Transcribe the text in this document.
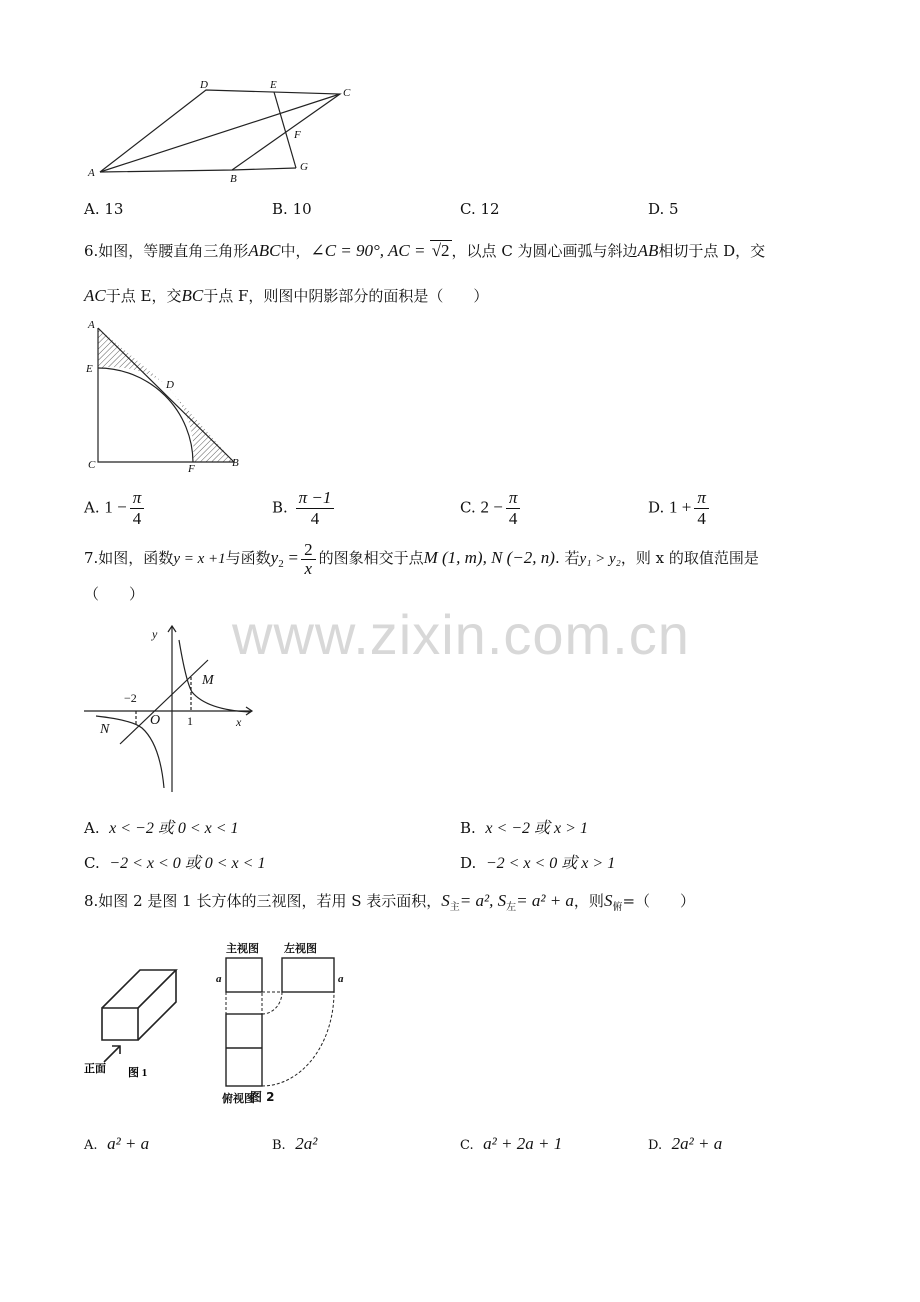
A
D	E
C
F
G
B
A. 13	B. 10	C. 12	D. 5
6.如图，等腰直角三角形ABC中，∠C = 90°, AC = √2 ，以点 C 为圆心画弧与斜边AB相切于点 D，交
AC于点 E，交BC于点 F，则图中阴影部分的面积是（　　）
A
E
D
C	F	B
A. $1 - \frac{\pi}{4}$	B. $\frac{\pi -1}{4}$	C. $2 - \frac{\pi}{4}$	D. $1 + \frac{\pi}{4}$
7.如图，函数y = x +1与函数$y_2 = \frac{2}{x}$ 的图象相交于点M (1, m), N (−2, n). 若y₁ > y₂，则 x 的取值范围是
（　　）
y
x
M
N
O
−2
1
www.zixin.com.cn
A. x < −2 或 0 < x < 1	B. x < −2 或 x > 1
C. −2 < x < 0 或 0 < x < 1	D. −2 < x < 0 或 x > 1
8.如图 2 是图 1 长方体的三视图，若用 S 表示面积，$S_主= a^2$, $S_左= a^2 + a$，则$S_俯=$（　　）
正面 图 1
主视图 左视图
俯视图
a	a
图 2
A. a² + a	B. 2a²	C. a² + 2a + 1	D. 2a² + a
